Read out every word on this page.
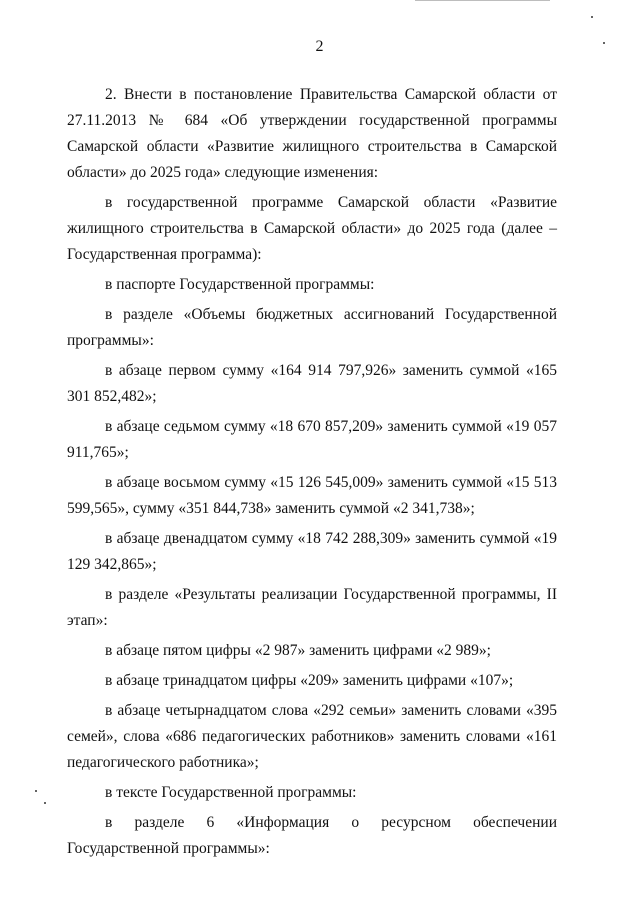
2

2. Внести в постановление Правительства Самарской области от 27.11.2013 № 684 «Об утверждении государственной программы Самарской области «Развитие жилищного строительства в Самарской области» до 2025 года» следующие изменения:

в государственной программе Самарской области «Развитие жилищного строительства в Самарской области» до 2025 года (далее – Государственная программа):

в паспорте Государственной программы:

в разделе «Объемы бюджетных ассигнований Государственной программы»:

в абзаце первом сумму «164 914 797,926» заменить суммой «165 301 852,482»;

в абзаце седьмом сумму «18 670 857,209» заменить суммой «19 057 911,765»;

в абзаце восьмом сумму «15 126 545,009» заменить суммой «15 513 599,565», сумму «351 844,738» заменить суммой «2 341,738»;

в абзаце двенадцатом сумму «18 742 288,309» заменить суммой «19 129 342,865»;

в разделе «Результаты реализации Государственной программы, II этап»:

в абзаце пятом цифры «2 987» заменить цифрами «2 989»;

в абзаце тринадцатом цифры «209» заменить цифрами «107»;

в абзаце четырнадцатом слова «292 семьи» заменить словами «395 семей», слова «686 педагогических работников» заменить словами «161 педагогического работника»;

в тексте Государственной программы:

в разделе 6 «Информация о ресурсном обеспечении Государственной программы»:
